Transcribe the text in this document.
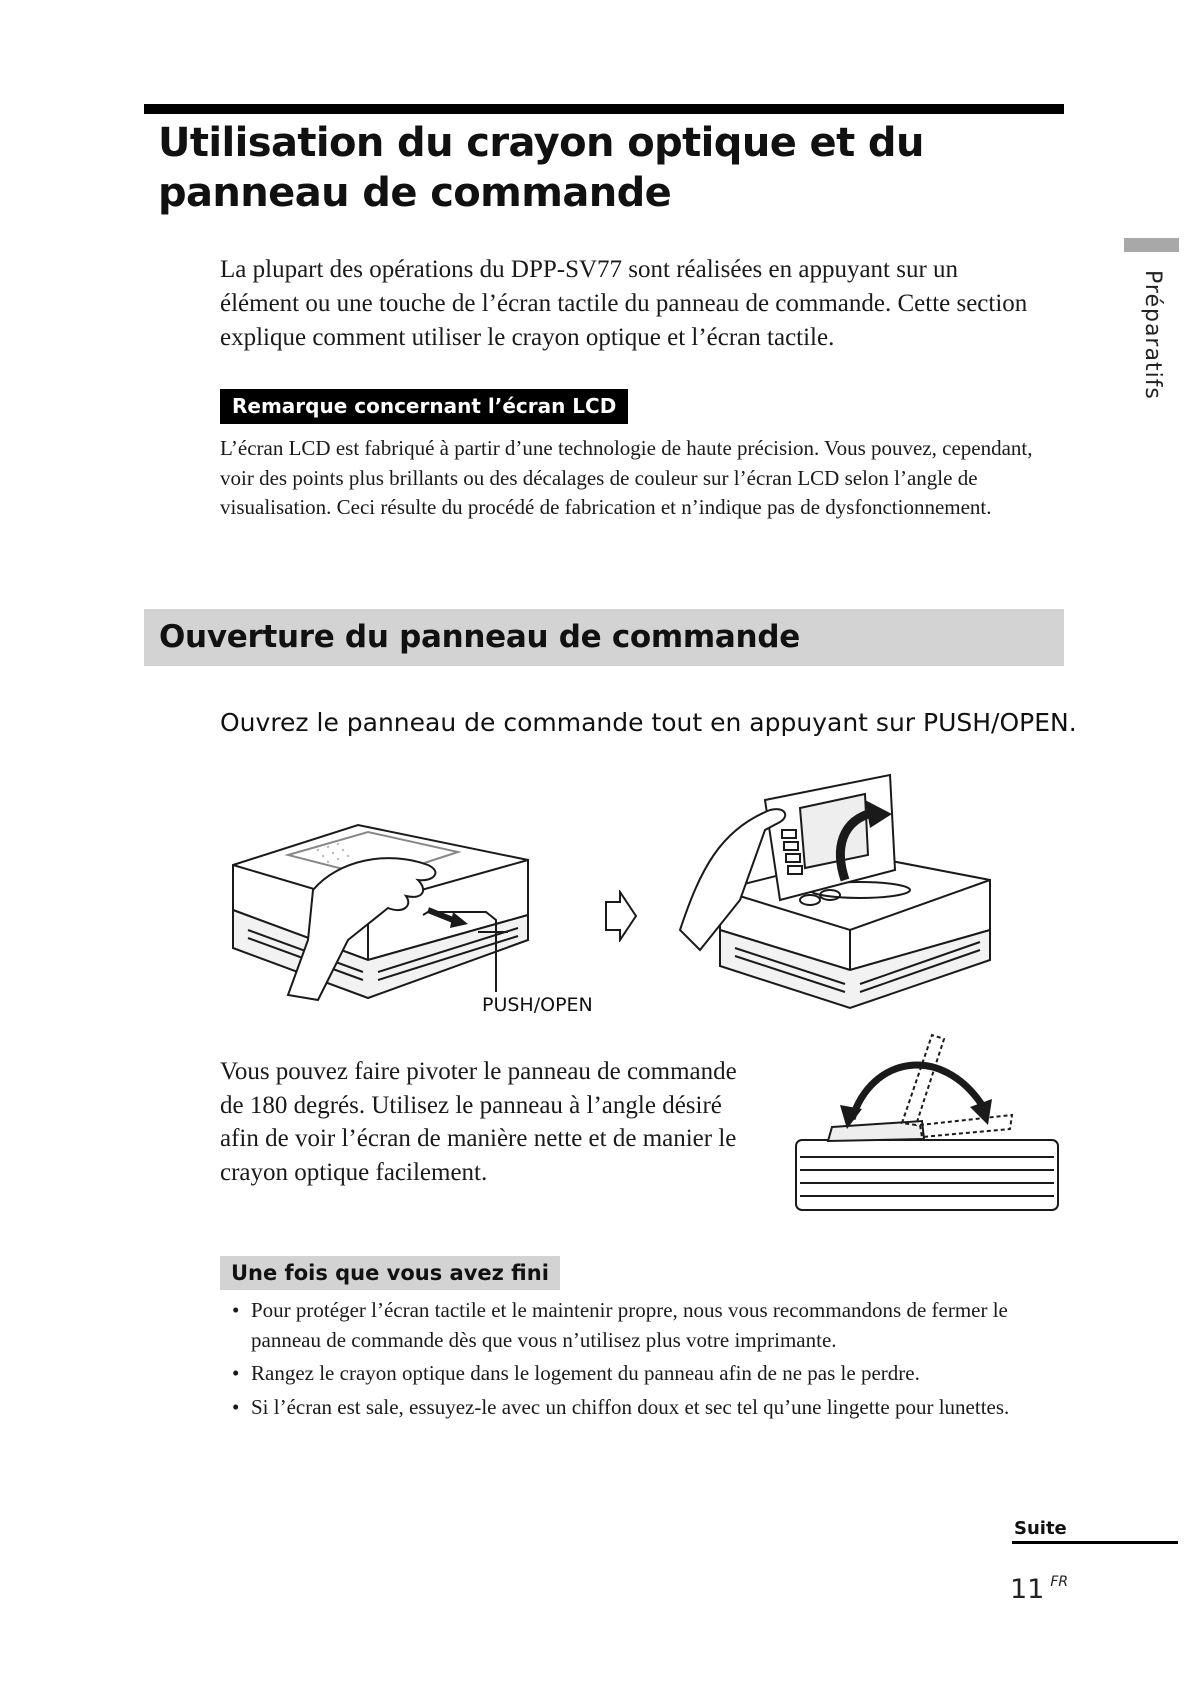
Utilisation du crayon optique et du panneau de commande

La plupart des opérations du DPP-SV77 sont réalisées en appuyant sur un élément ou une touche de l’écran tactile du panneau de commande. Cette section explique comment utiliser le crayon optique et l’écran tactile.

Remarque concernant l’écran LCD

L’écran LCD est fabriqué à partir d’une technologie de haute précision. Vous pouvez, cependant, voir des points plus brillants ou des décalages de couleur sur l’écran LCD selon l’angle de visualisation. Ceci résulte du procédé de fabrication et n’indique pas de dysfonctionnement.

Ouverture du panneau de commande

Ouvrez le panneau de commande tout en appuyant sur PUSH/OPEN.

PUSH/OPEN

Vous pouvez faire pivoter le panneau de commande de 180 degrés. Utilisez le panneau à l’angle désiré afin de voir l’écran de manière nette et de manier le crayon optique facilement.

Une fois que vous avez fini
• Pour protéger l’écran tactile et le maintenir propre, nous vous recommandons de fermer le panneau de commande dès que vous n’utilisez plus votre imprimante.
• Rangez le crayon optique dans le logement du panneau afin de ne pas le perdre.
• Si l’écran est sale, essuyez-le avec un chiffon doux et sec tel qu’une lingette pour lunettes.
Préparatifs
Suite
11 $^{FR}$
